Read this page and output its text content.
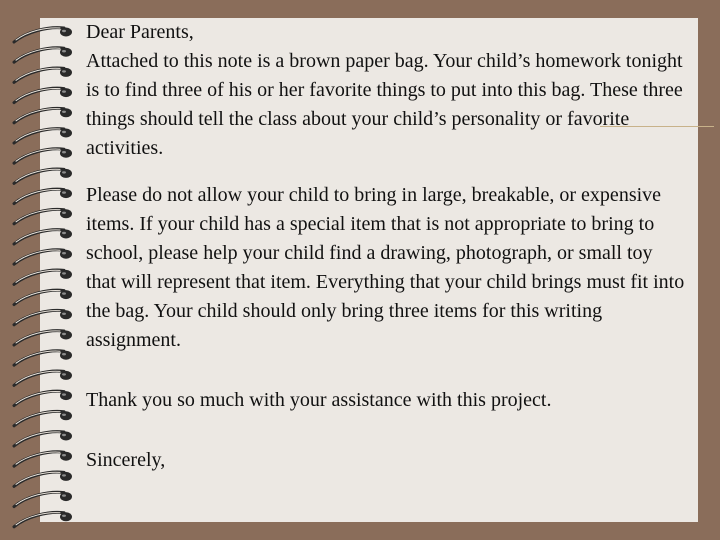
Dear Parents,

Attached to this note is a brown paper bag. Your child’s homework tonight is to find three of his or her favorite things to put into this bag. These three things should tell the class about your child’s personality or favorite activities.

Please do not allow your child to bring in large, breakable, or expensive items. If your child has a special item that is not appropriate to bring to school, please help your child find a drawing, photograph, or small toy that will represent that item. Everything that your child brings must fit into the bag. Your child should only bring three items for this writing assignment.

Thank you so much with your assistance with this project.

Sincerely,
